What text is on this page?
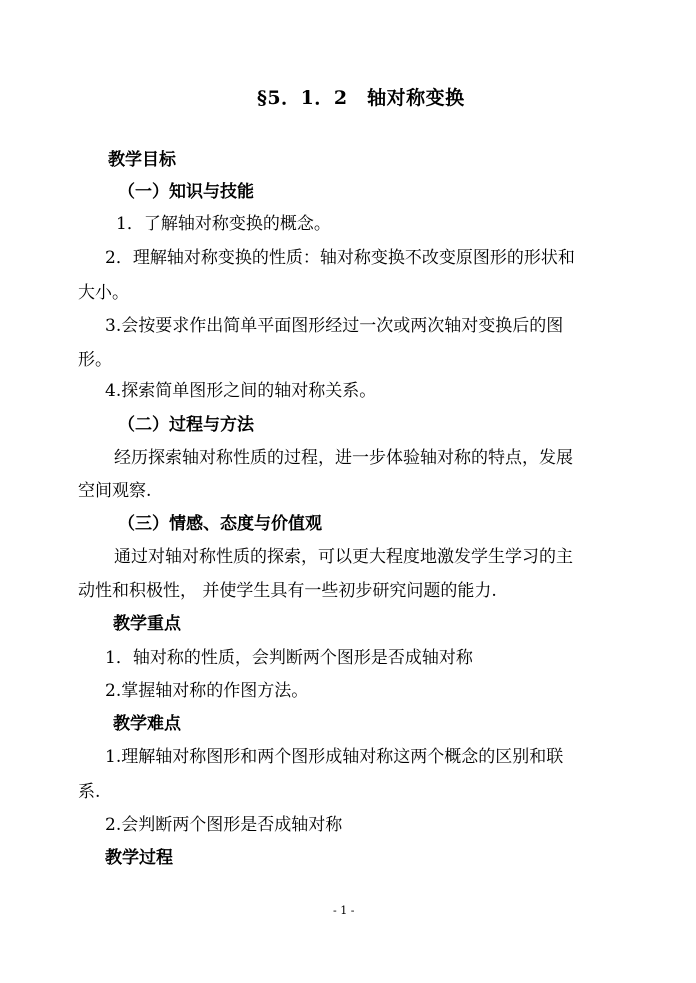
§5．1．2　轴对称变换
教学目标
（一）知识与技能
1．了解轴对称变换的概念。
2．理解轴对称变换的性质：轴对称变换不改变原图形的形状和
大小。
3.会按要求作出简单平面图形经过一次或两次轴对变换后的图
形。
4.探索简单图形之间的轴对称关系。
（二）过程与方法
经历探索轴对称性质的过程，进一步体验轴对称的特点，发展
空间观察.
（三）情感、态度与价值观
通过对轴对称性质的探索，可以更大程度地激发学生学习的主
动性和积极性， 并使学生具有一些初步研究问题的能力.
教学重点
1．轴对称的性质，会判断两个图形是否成轴对称
2.掌握轴对称的作图方法。
教学难点
1.理解轴对称图形和两个图形成轴对称这两个概念的区别和联
系.
2.会判断两个图形是否成轴对称
教学过程
- 1 -
